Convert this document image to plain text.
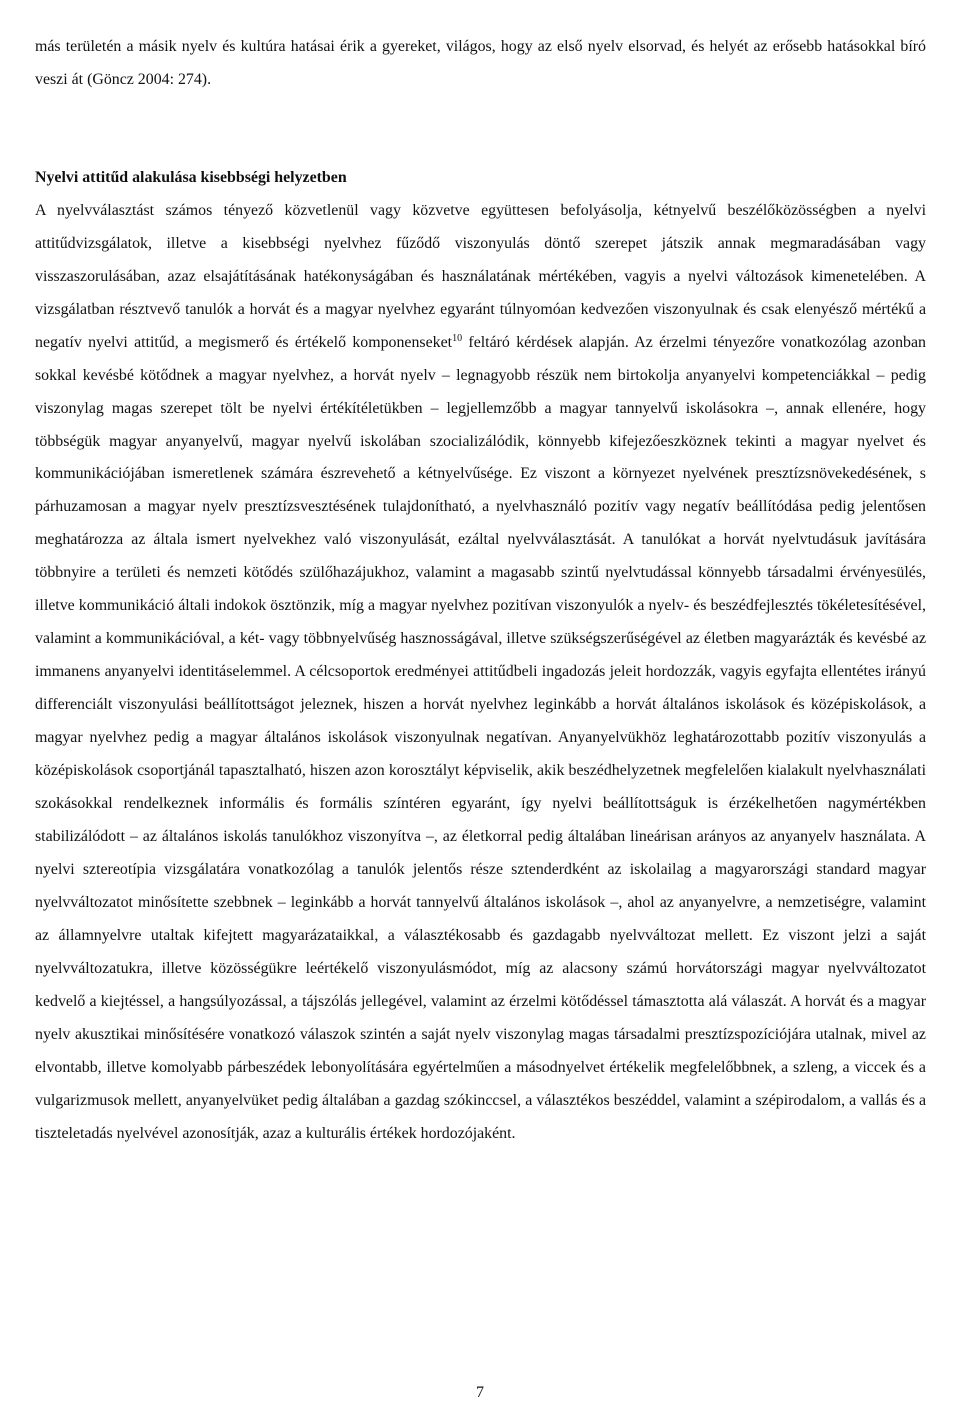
más területén a másik nyelv és kultúra hatásai érik a gyereket, világos, hogy az első nyelv elsorvad, és helyét az erősebb hatásokkal bíró veszi át (Göncz 2004: 274).

Nyelvi attitűd alakulása kisebbségi helyzetben

A nyelvválasztást számos tényező közvetlenül vagy közvetve együttesen befolyásolja, kétnyelvű beszélőközösségben a nyelvi attitűdvizsgálatok, illetve a kisebbségi nyelvhez fűződő viszonyulás döntő szerepet játszik annak megmaradásában vagy visszaszorulásában, azaz elsajátításának hatékonyságában és használatának mértékében, vagyis a nyelvi változások kimenetelében. A vizsgálatban résztvevő tanulók a horvát és a magyar nyelvhez egyaránt túlnyomóan kedvezően viszonyulnak és csak elenyésző mértékű a negatív nyelvi attitűd, a megismerő és értékelő komponenseket$^{10}$ feltáró kérdések alapján. Az érzelmi tényezőre vonatkozólag azonban sokkal kevésbé kötődnek a magyar nyelvhez, a horvát nyelv – legnagyobb részük nem birtokolja anyanyelvi kompetenciákkal – pedig viszonylag magas szerepet tölt be nyelvi értékítéletükben – legjellemzőbb a magyar tannyelvű iskolásokra –, annak ellenére, hogy többségük magyar anyanyelvű, magyar nyelvű iskolában szocializálódik, könnyebb kifejezőeszköznek tekinti a magyar nyelvet és kommunikációjában ismeretlenek számára észrevehető a kétnyelvűsége. Ez viszont a környezet nyelvének presztízsnövekedésének, s párhuzamosan a magyar nyelv presztízsvesztésének tulajdonítható, a nyelvhasználó pozitív vagy negatív beállítódása pedig jelentősen meghatározza az általa ismert nyelvekhez való viszonyulását, ezáltal nyelvválasztását. A tanulókat a horvát nyelvtudásuk javítására többnyire a területi és nemzeti kötődés szülőhazájukhoz, valamint a magasabb szintű nyelvtudással könnyebb társadalmi érvényesülés, illetve kommunikáció általi indokok ösztönzik, míg a magyar nyelvhez pozitívan viszonyulók a nyelv- és beszédfejlesztés tökéletesítésével, valamint a kommunikációval, a két- vagy többnyelvűség hasznosságával, illetve szükségszerűségével az életben magyarázták és kevésbé az immanens anyanyelvi identitáselemmel. A célcsoportok eredményei attitűdbeli ingadozás jeleit hordozzák, vagyis egyfajta ellentétes irányú differenciált viszonyulási beállítottságot jeleznek, hiszen a horvát nyelvhez leginkább a horvát általános iskolások és középiskolások, a magyar nyelvhez pedig a magyar általános iskolások viszonyulnak negatívan. Anyanyelvükhöz leghatározottabb pozitív viszonyulás a középiskolások csoportjánál tapasztalható, hiszen azon korosztályt képviselik, akik beszédhelyzetnek megfelelően kialakult nyelvhasználati szokásokkal rendelkeznek informális és formális színtéren egyaránt, így nyelvi beállítottságuk is érzékelhetően nagymértékben stabilizálódott – az általános iskolás tanulókhoz viszonyítva –, az életkorral pedig általában lineárisan arányos az anyanyelv használata. A nyelvi sztereotípia vizsgálatára vonatkozólag a tanulók jelentős része sztenderdként az iskolailag a magyarországi standard magyar nyelvváltozatot minősítette szebbnek – leginkább a horvát tannyelvű általános iskolások –, ahol az anyanyelvre, a nemzetiségre, valamint az államnyelvre utaltak kifejtett magyarázataikkal, a választékosabb és gazdagabb nyelvváltozat mellett. Ez viszont jelzi a saját nyelvváltozatukra, illetve közösségükre leértékelő viszonyulásmódot, míg az alacsony számú horvátországi magyar nyelvváltozatot kedvelő a kiejtéssel, a hangsúlyozással, a tájszólás jellegével, valamint az érzelmi kötődéssel támasztotta alá válaszát. A horvát és a magyar nyelv akusztikai minősítésére vonatkozó válaszok szintén a saját nyelv viszonylag magas társadalmi presztízspozíciójára utalnak, mivel az elvontabb, illetve komolyabb párbeszédek lebonyolítására egyértelműen a másodnyelvet értékelik megfelelőbbnek, a szleng, a viccek és a vulgarizmusok mellett, anyanyelvüket pedig általában a gazdag szókinccsel, a választékos beszéddel, valamint a szépirodalom, a vallás és a tiszteletadás nyelvével azonosítják, azaz a kulturális értékek hordozójaként.

7
